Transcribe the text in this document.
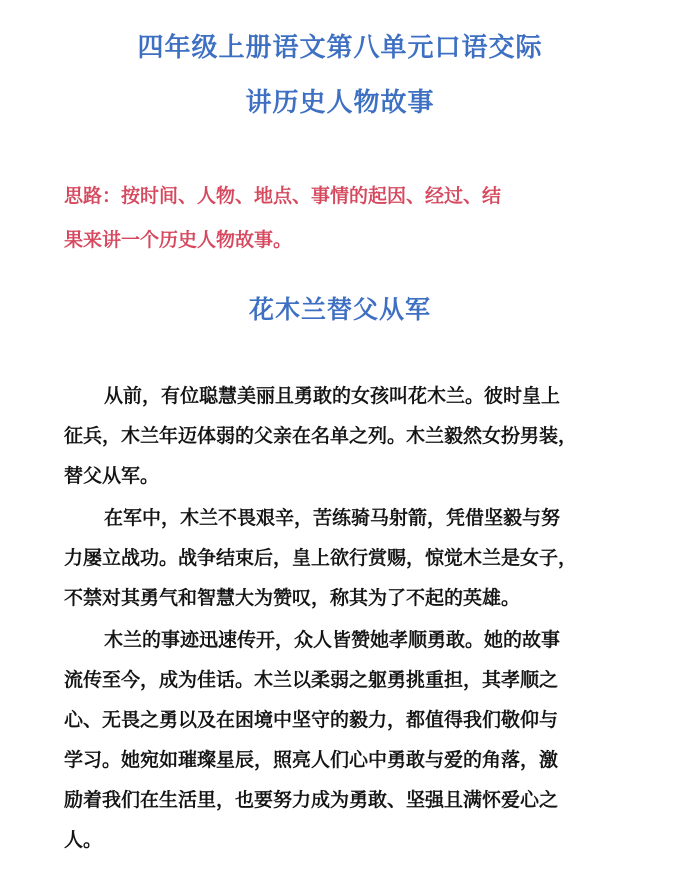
四年级上册语文第八单元口语交际
讲历史人物故事
思路：按时间、人物、地点、事情的起因、经过、结
果来讲一个历史人物故事。
花木兰替父从军
从前，有位聪慧美丽且勇敢的女孩叫花木兰。彼时皇上
征兵，木兰年迈体弱的父亲在名单之列。木兰毅然女扮男装，
替父从军。
在军中，木兰不畏艰辛，苦练骑马射箭，凭借坚毅与努
力屡立战功。战争结束后，皇上欲行赏赐，惊觉木兰是女子，
不禁对其勇气和智慧大为赞叹，称其为了不起的英雄。
木兰的事迹迅速传开，众人皆赞她孝顺勇敢。她的故事
流传至今，成为佳话。木兰以柔弱之躯勇挑重担，其孝顺之
心、无畏之勇以及在困境中坚守的毅力，都值得我们敬仰与
学习。她宛如璀璨星辰，照亮人们心中勇敢与爱的角落，激
励着我们在生活里，也要努力成为勇敢、坚强且满怀爱心之
人。
